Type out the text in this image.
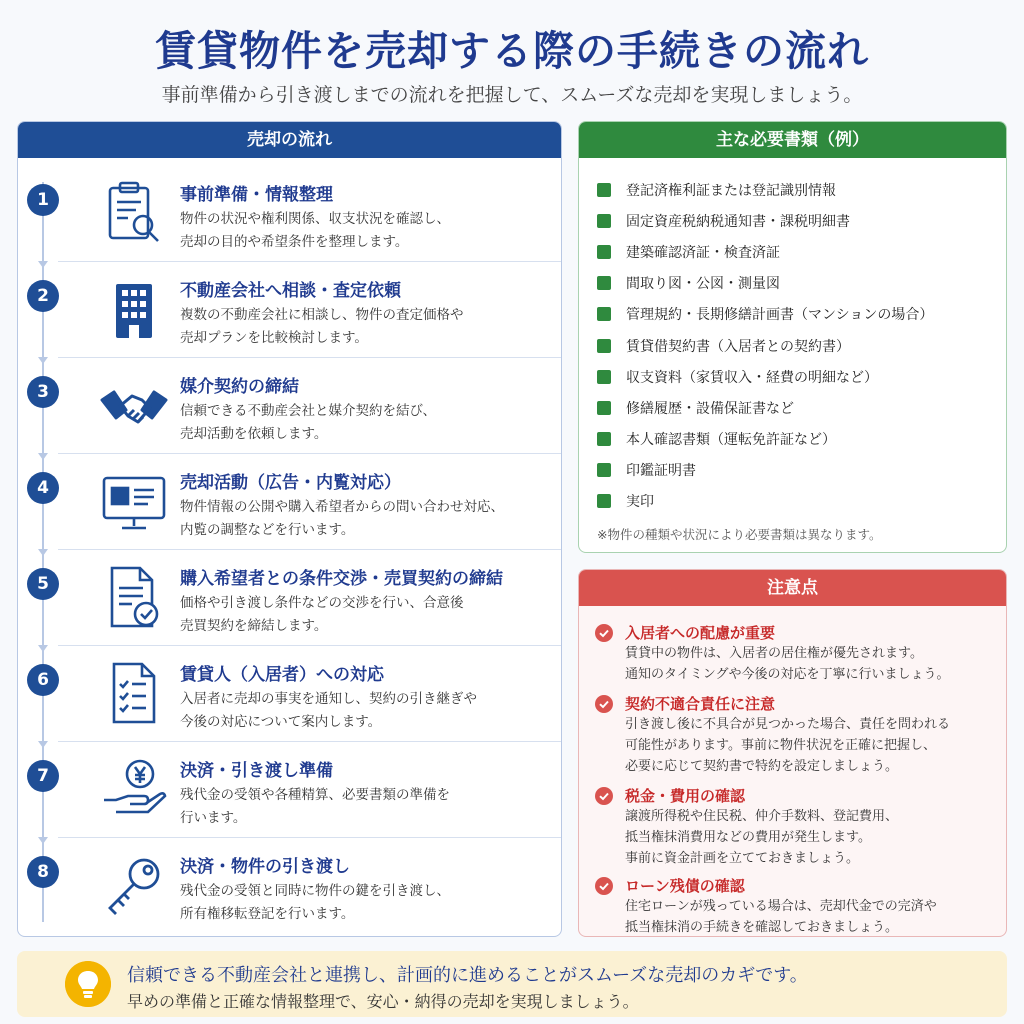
賃貸物件を売却する際の手続きの流れ
事前準備から引き渡しまでの流れを把握して、スムーズな売却を実現しましょう。
売却の流れ
1	事前準備・情報整理
物件の状況や権利関係、収支状況を確認し、
売却の目的や希望条件を整理します。
2	不動産会社へ相談・査定依頼
複数の不動産会社に相談し、物件の査定価格や
売却プランを比較検討します。
3	媒介契約の締結
信頼できる不動産会社と媒介契約を結び、
売却活動を依頼します。
4	売却活動（広告・内覧対応）
物件情報の公開や購入希望者からの問い合わせ対応、
内覧の調整などを行います。
5	購入希望者との条件交渉・売買契約の締結
価格や引き渡し条件などの交渉を行い、合意後
売買契約を締結します。
6	賃貸人（入居者）への対応
入居者に売却の事実を通知し、契約の引き継ぎや
今後の対応について案内します。
7	決済・引き渡し準備
残代金の受領や各種精算、必要書類の準備を
行います。
8	決済・物件の引き渡し
残代金の受領と同時に物件の鍵を引き渡し、
所有権移転登記を行います。
主な必要書類（例）
登記済権利証または登記識別情報
固定資産税納税通知書・課税明細書
建築確認済証・検査済証
間取り図・公図・測量図
管理規約・長期修繕計画書（マンションの場合）
賃貸借契約書（入居者との契約書）
収支資料（家賃収入・経費の明細など）
修繕履歴・設備保証書など
本人確認書類（運転免許証など）
印鑑証明書
実印
※物件の種類や状況により必要書類は異なります。
注意点
入居者への配慮が重要
賃貸中の物件は、入居者の居住権が優先されます。
通知のタイミングや今後の対応を丁寧に行いましょう。
契約不適合責任に注意
引き渡し後に不具合が見つかった場合、責任を問われる
可能性があります。事前に物件状況を正確に把握し、
必要に応じて契約書で特約を設定しましょう。
税金・費用の確認
譲渡所得税や住民税、仲介手数料、登記費用、
抵当権抹消費用などの費用が発生します。
事前に資金計画を立てておきましょう。
ローン残債の確認
住宅ローンが残っている場合は、売却代金での完済や
抵当権抹消の手続きを確認しておきましょう。
信頼できる不動産会社と連携し、計画的に進めることがスムーズな売却のカギです。
早めの準備と正確な情報整理で、安心・納得の売却を実現しましょう。
